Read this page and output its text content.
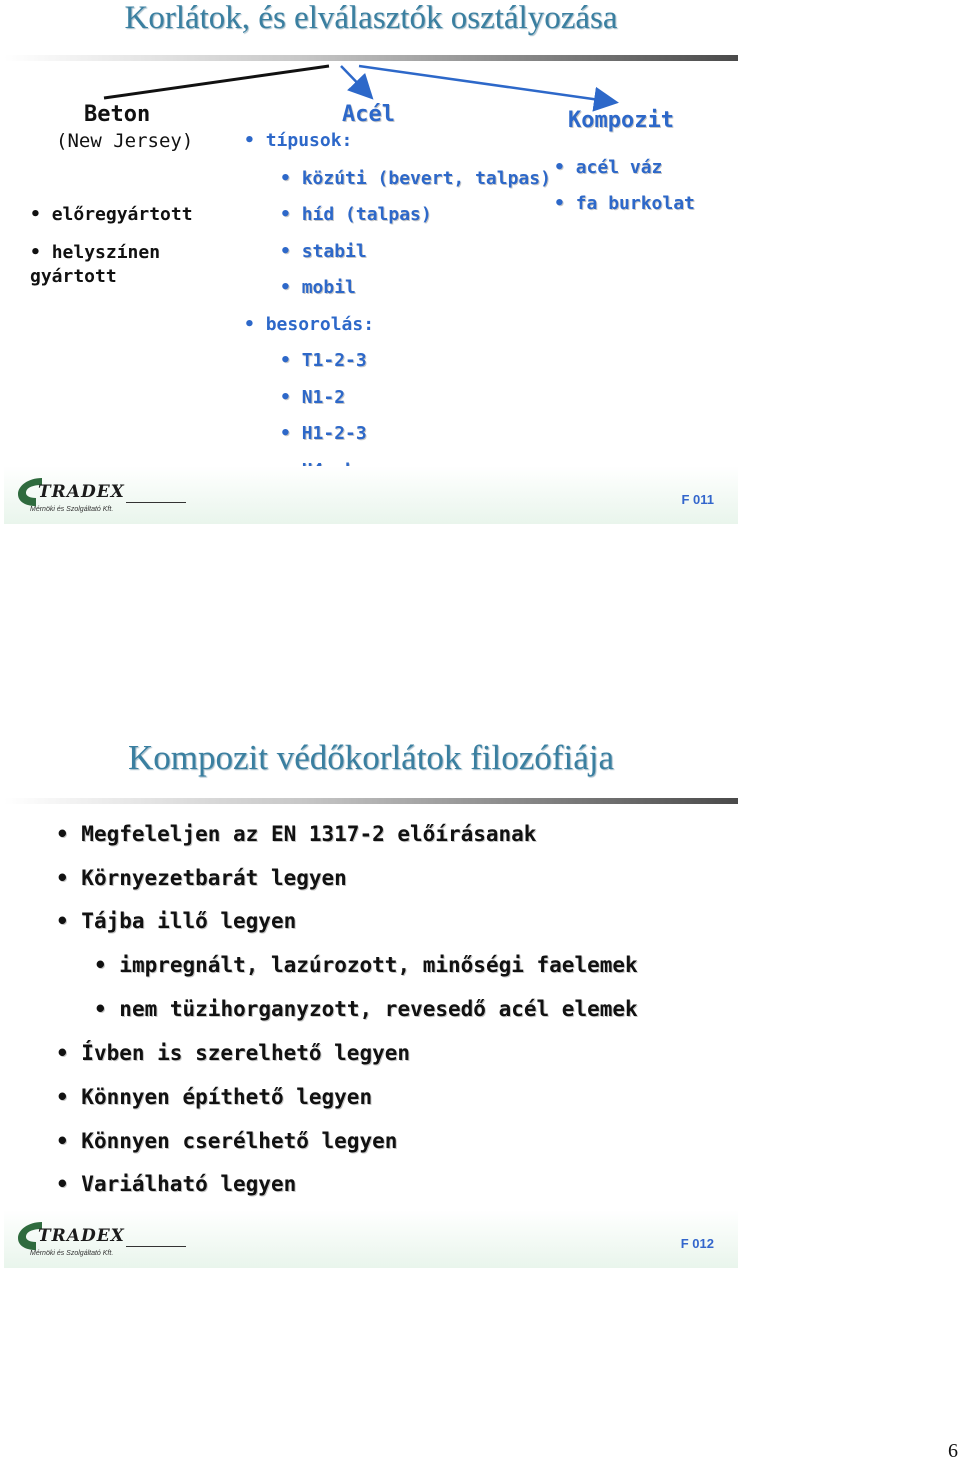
Korlátok, és elválasztók osztályozása
Beton
(New Jersey)
• előregyártott
• helyszínen
gyártott
Acél
• típusok:
• közúti (bevert, talpas)
• híd (talpas)
• stabil
• mobil
• besorolás:
• T1-2-3
• N1-2
• H1-2-3
•
Kompozit
• acél váz
• fa burkolat
TRADEX
Mérnöki és Szolgáltató Kft.
F 011
Kompozit védőkorlátok filozófiája
• Megfeleljen az EN 1317-2 előírásanak
• Környezetbarát legyen
• Tájba illő legyen
• impregnált, lazúrozott, minőségi faelemek
• nem tüzihorganyzott, revesedő acél elemek
• Ívben is szerelhető legyen
• Könnyen építhető legyen
• Könnyen cserélhető legyen
• Variálható legyen
TRADEX
Mérnöki és Szolgáltató Kft.
F 012
6
